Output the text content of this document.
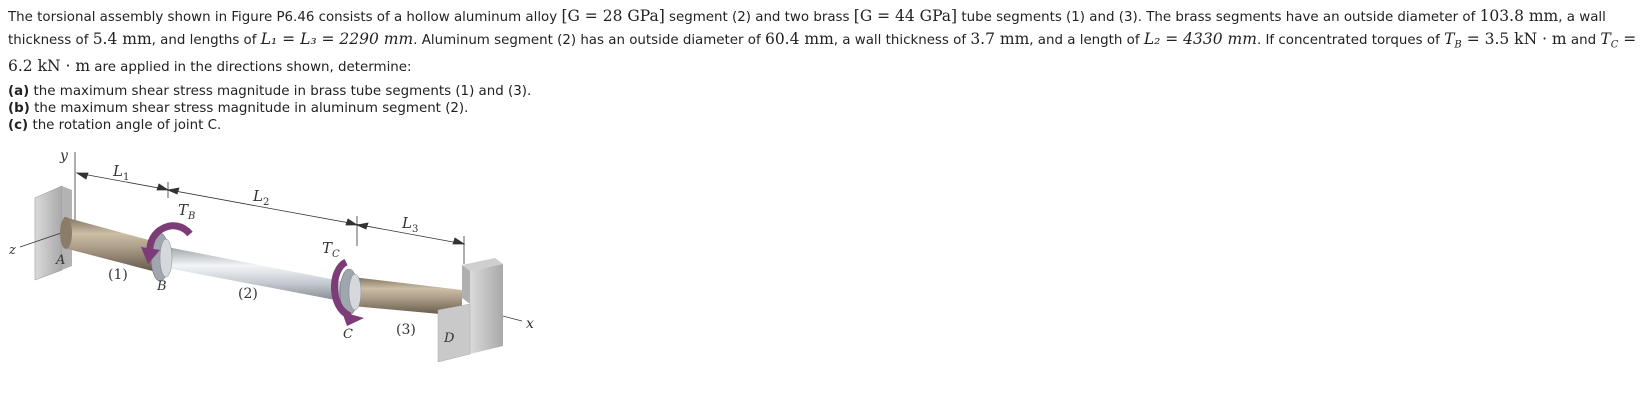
The torsional assembly shown in Figure P6.46 consists of a hollow aluminum alloy [G = 28 GPa] segment (2) and two brass [G = 44 GPa] tube segments (1) and (3). The brass segments have an outside diameter of 103.8 mm, a wall thickness of 5.4 mm, and lengths of L₁ = L₃ = 2290 mm. Aluminum segment (2) has an outside diameter of 60.4 mm, a wall thickness of 3.7 mm, and a length of L₂ = 4330 mm. If concentrated torques of $T_B = 3.5$ kN · m and $T_C = 6.2$ kN · m are applied in the directions shown, determine:
(a) the maximum shear stress magnitude in brass tube segments (1) and (3).
(b) the maximum shear stress magnitude in aluminum segment (2).
(c) the rotation angle of joint C.
y
z
x
$L_1$
$L_2$
$L_3$
$T_B$
$T_C$
A
B
C	D
(1)
(2)
(3)
